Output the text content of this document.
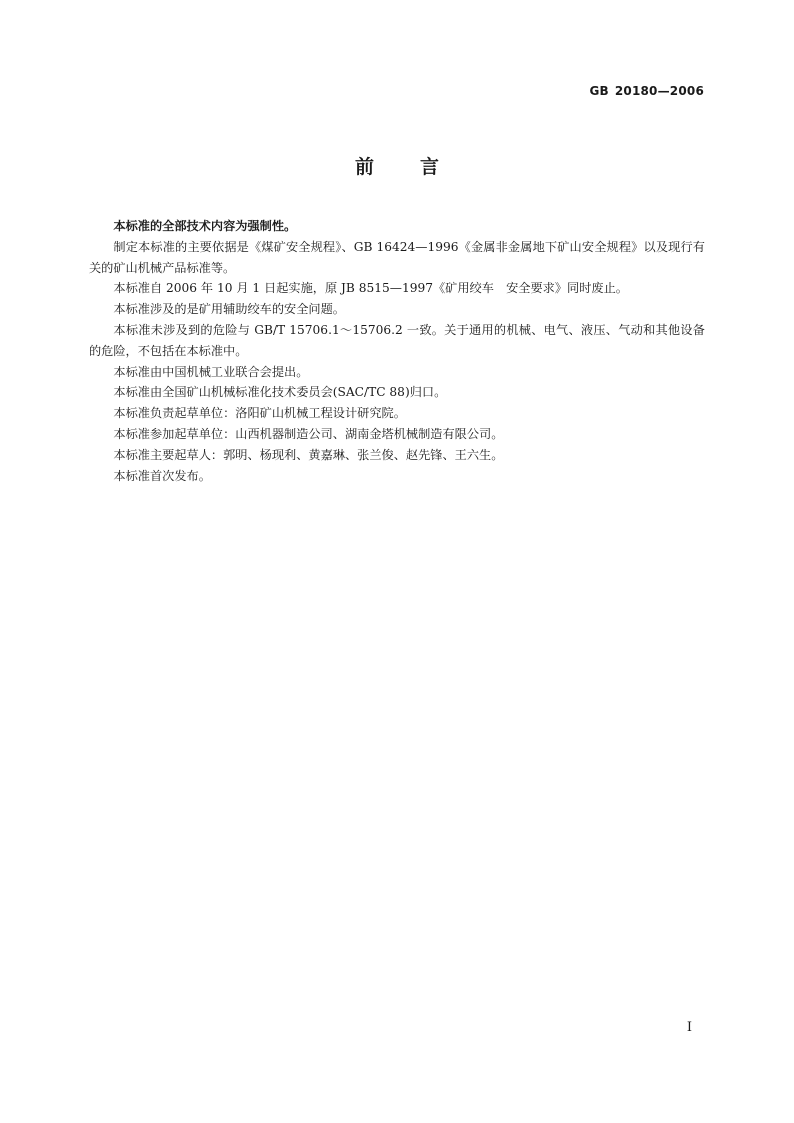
GB 20180—2006
前 言

本标准的全部技术内容为强制性。

制定本标准的主要依据是《煤矿安全规程》、GB 16424—1996《金属非金属地下矿山安全规程》以及现行有关的矿山机械产品标准等。

本标准自 2006 年 10 月 1 日起实施，原 JB 8515—1997《矿用绞车　安全要求》同时废止。

本标准涉及的是矿用辅助绞车的安全问题。

本标准未涉及到的危险与 GB/T 15706.1～15706.2 一致。关于通用的机械、电气、液压、气动和其他设备的危险，不包括在本标准中。

本标准由中国机械工业联合会提出。

本标准由全国矿山机械标准化技术委员会(SAC/TC 88)归口。

本标准负责起草单位：洛阳矿山机械工程设计研究院。

本标准参加起草单位：山西机器制造公司、湖南金塔机械制造有限公司。

本标准主要起草人：郭明、杨现利、黄嘉琳、张兰俊、赵先锋、王六生。

本标准首次发布。

I
